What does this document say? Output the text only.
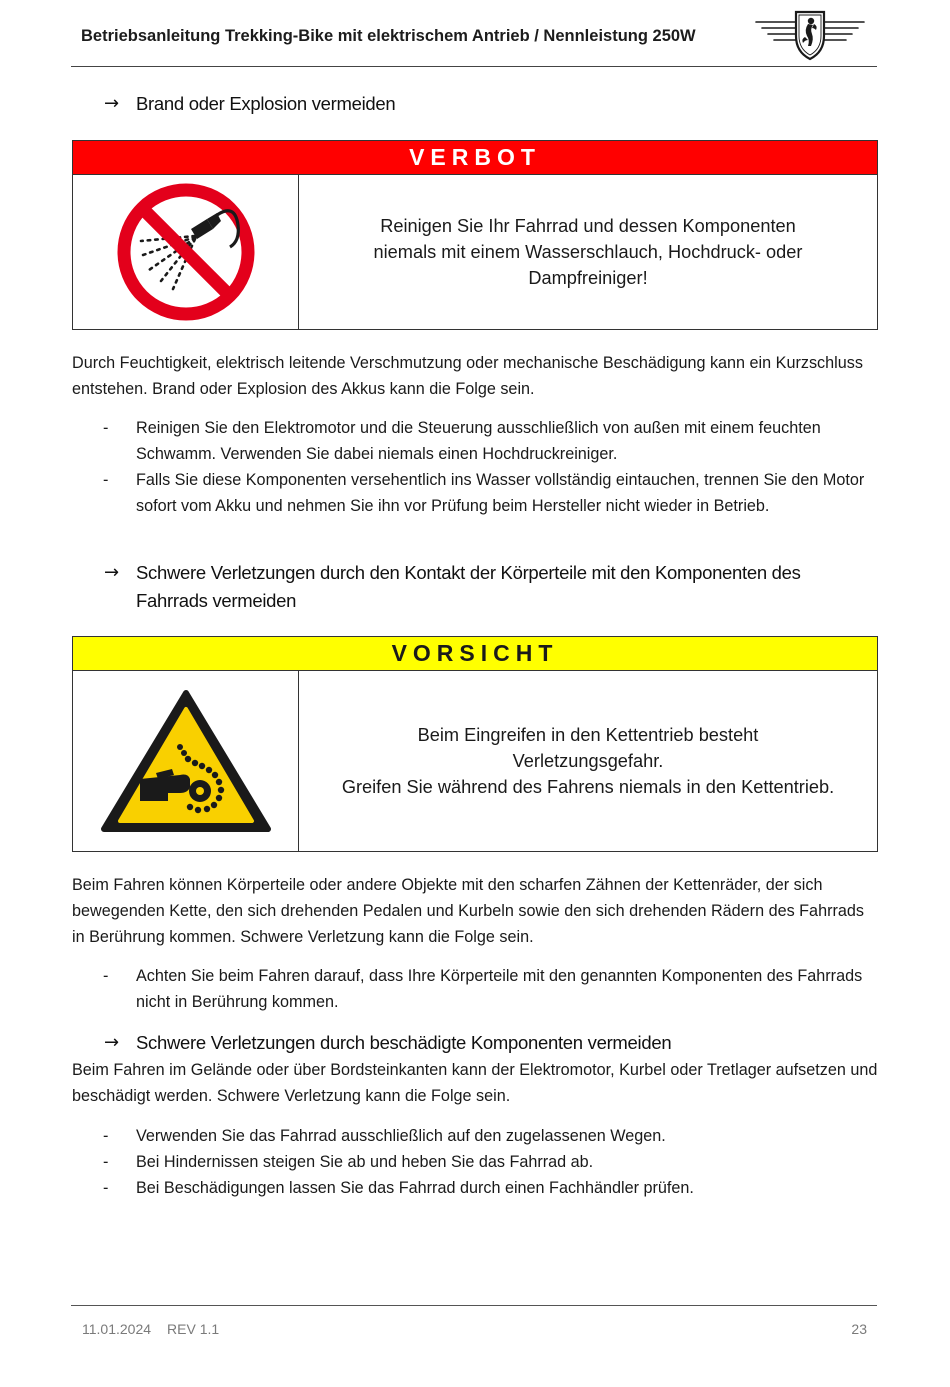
Betriebsanleitung Trekking-Bike mit elektrischem Antrieb / Nennleistung 250W
→ Brand oder Explosion vermeiden
VERBOT
Reinigen Sie Ihr Fahrrad und dessen Komponenten
niemals mit einem Wasserschlauch, Hochdruck- oder
Dampfreiniger!

Durch Feuchtigkeit, elektrisch leitende Verschmutzung oder mechanische Beschädigung kann ein Kurzschluss entstehen. Brand oder Explosion des Akkus kann die Folge sein.

- Reinigen Sie den Elektromotor und die Steuerung ausschließlich von außen mit einem feuchten Schwamm. Verwenden Sie dabei niemals einen Hochdruckreiniger.
- Falls Sie diese Komponenten versehentlich ins Wasser vollständig eintauchen, trennen Sie den Motor sofort vom Akku und nehmen Sie ihn vor Prüfung beim Hersteller nicht wieder in Betrieb.
→ Schwere Verletzungen durch den Kontakt der Körperteile mit den Komponenten des Fahrrads vermeiden
VORSICHT
Beim Eingreifen in den Kettentrieb besteht
Verletzungsgefahr.
Greifen Sie während des Fahrens niemals in den Kettentrieb.

Beim Fahren können Körperteile oder andere Objekte mit den scharfen Zähnen der Kettenräder, der sich bewegenden Kette, den sich drehenden Pedalen und Kurbeln sowie den sich drehenden Rädern des Fahrrads in Berührung kommen. Schwere Verletzung kann die Folge sein.

- Achten Sie beim Fahren darauf, dass Ihre Körperteile mit den genannten Komponenten des Fahrrads nicht in Berührung kommen.
→ Schwere Verletzungen durch beschädigte Komponenten vermeiden

Beim Fahren im Gelände oder über Bordsteinkanten kann der Elektromotor, Kurbel oder Tretlager aufsetzen und beschädigt werden. Schwere Verletzung kann die Folge sein.

- Verwenden Sie das Fahrrad ausschließlich auf den zugelassenen Wegen.
- Bei Hindernissen steigen Sie ab und heben Sie das Fahrrad ab.
- Bei Beschädigungen lassen Sie das Fahrrad durch einen Fachhändler prüfen.
11.01.2024 REV 1.1	23
